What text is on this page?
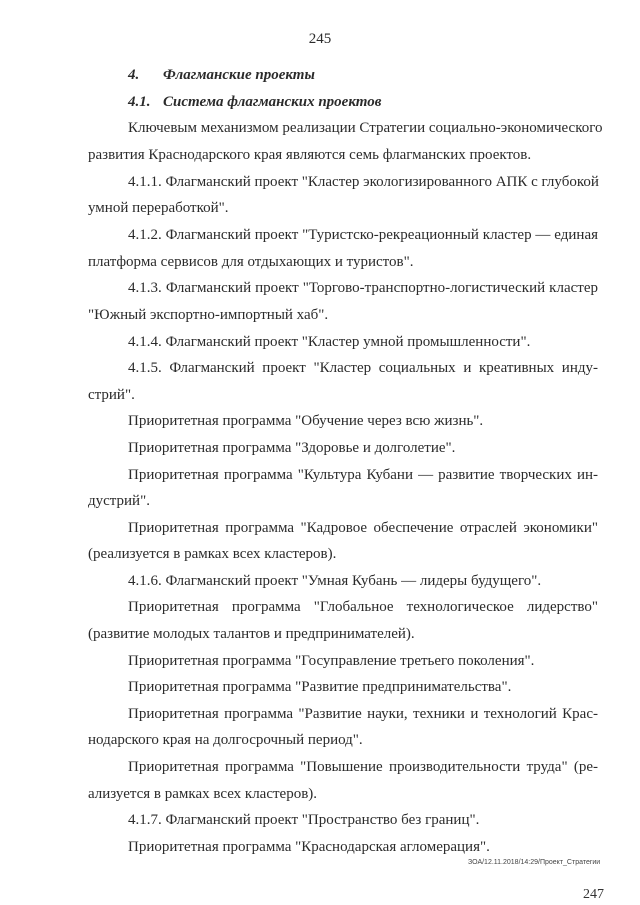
245
4. Флагманские проекты
4.1. Система флагманских проектов
Ключевым механизмом реализации Стратегии социально-экономического
развития Краснодарского края являются семь флагманских проектов.
4.1.1. Флагманский проект "Кластер экологизированного АПК с глубокой
умной переработкой".
4.1.2. Флагманский проект "Туристско-рекреационный кластер — единая
платформа сервисов для отдыхающих и туристов".
4.1.3. Флагманский проект "Торгово-транспортно-логистический кластер
"Южный экспортно-импортный хаб".
4.1.4. Флагманский проект "Кластер умной промышленности".
4.1.5. Флагманский проект "Кластер социальных и креативных инду-
стрий".
Приоритетная программа "Обучение через всю жизнь".
Приоритетная программа "Здоровье и долголетие".
Приоритетная программа "Культура Кубани — развитие творческих ин-
дустрий".
Приоритетная программа "Кадровое обеспечение отраслей экономики"
(реализуется в рамках всех кластеров).
4.1.6. Флагманский проект "Умная Кубань — лидеры будущего".
Приоритетная программа "Глобальное технологическое лидерство"
(развитие молодых талантов и предпринимателей).
Приоритетная программа "Госуправление третьего поколения".
Приоритетная программа "Развитие предпринимательства".
Приоритетная программа "Развитие науки, техники и технологий Крас-
нодарского края на долгосрочный период".
Приоритетная программа "Повышение производительности труда" (ре-
ализуется в рамках всех кластеров).
4.1.7. Флагманский проект "Пространство без границ".
Приоритетная программа "Краснодарская агломерация".
ЗОА/12.11.2018/14:29/Проект_Стратегии
247
